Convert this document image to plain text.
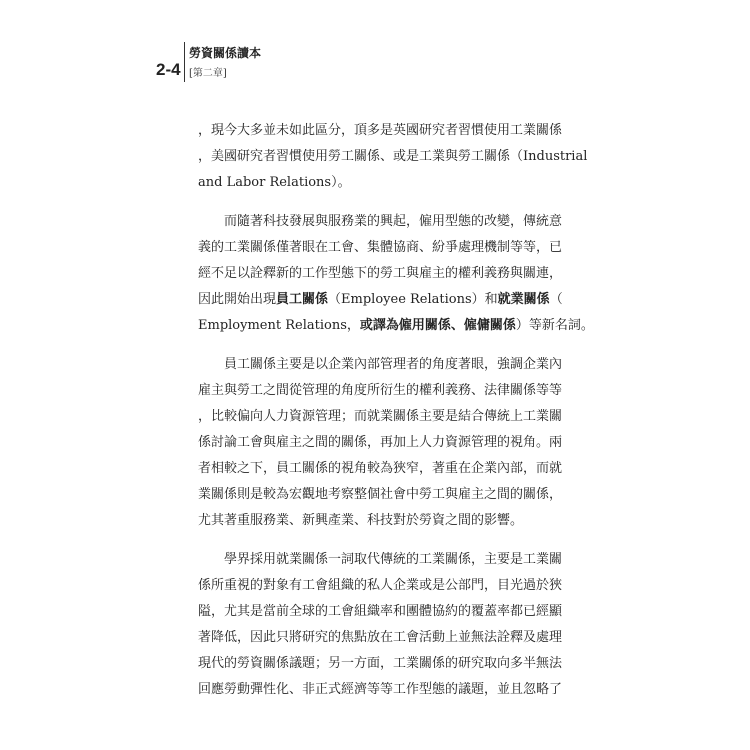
2-4
勞資關係讀本
[第二章]
，現今大多並未如此區分，頂多是英國研究者習慣使用工業關係
，美國研究者習慣使用勞工關係、或是工業與勞工關係（Industrial
and Labor Relations）。
　　而隨著科技發展與服務業的興起，僱用型態的改變，傳統意
義的工業關係僅著眼在工會、集體協商、紛爭處理機制等等，已
經不足以詮釋新的工作型態下的勞工與雇主的權利義務與關連，
因此開始出現員工關係（Employee Relations）和就業關係（
Employment Relations，或譯為僱用關係、僱傭關係）等新名詞。
　　員工關係主要是以企業內部管理者的角度著眼，強調企業內
雇主與勞工之間從管理的角度所衍生的權利義務、法律關係等等
，比較偏向人力資源管理；而就業關係主要是結合傳統上工業關
係討論工會與雇主之間的關係，再加上人力資源管理的視角。兩
者相較之下，員工關係的視角較為狹窄，著重在企業內部，而就
業關係則是較為宏觀地考察整個社會中勞工與雇主之間的關係，
尤其著重服務業、新興產業、科技對於勞資之間的影響。
　　學界採用就業關係一詞取代傳統的工業關係，主要是工業關
係所重視的對象有工會組織的私人企業或是公部門，目光過於狹
隘，尤其是當前全球的工會組織率和團體協約的覆蓋率都已經顯
著降低，因此只將研究的焦點放在工會活動上並無法詮釋及處理
現代的勞資關係議題；另一方面，工業關係的研究取向多半無法
回應勞動彈性化、非正式經濟等等工作型態的議題，並且忽略了
